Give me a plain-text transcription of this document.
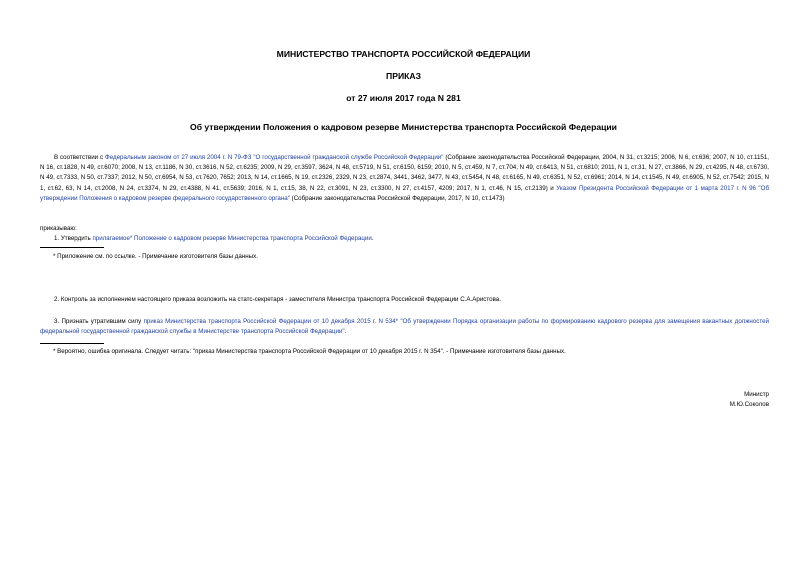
МИНИСТЕРСТВО ТРАНСПОРТА РОССИЙСКОЙ ФЕДЕРАЦИИ
ПРИКАЗ
от 27 июля 2017 года N 281
Об утверждении Положения о кадровом резерве Министерства транспорта Российской Федерации
В соответствии с Федеральным законом от 27 июля 2004 г. N 79-ФЗ "О государственной гражданской службе Российской Федерации" (Собрание законодательства Российской Федерации, 2004, N 31, ст.3215; 2006, N 6, ст.636; 2007, N 10, ст.1151, N 16, ст.1828, N 49, ст.6070; 2008, N 13, ст.1186, N 30, ст.3616, N 52, ст.6235; 2009, N 29, ст.3597, 3624, N 48, ст.5719, N 51, ст.6150, 6159; 2010, N 5, ст.459, N 7, ст.704, N 49, ст.6413, N 51, ст.6810; 2011, N 1, ст.31, N 27, ст.3866, N 29, ст.4295, N 48, ст.6730, N 49, ст.7333, N 50, ст.7337; 2012, N 50, ст.6954, N 53, ст.7620, 7652; 2013, N 14, ст.1665, N 19, ст.2326, 2329, N 23, ст.2874, 3441, 3462, 3477, N 43, ст.5454, N 48, ст.6165, N 49, ст.6351, N 52, ст.6961; 2014, N 14, ст.1545, N 49, ст.6905, N 52, ст.7542; 2015, N 1, ст.62, 63, N 14, ст.2008, N 24, ст.3374, N 29, ст.4388, N 41, ст.5639; 2016, N 1, ст.15, 38, N 22, ст.3091, N 23, ст.3300, N 27, ст.4157, 4209; 2017, N 1, ст.46, N 15, ст.2139) и Указом Президента Российской Федерации от 1 марта 2017 г. N 96 "Об утверждении Положения о кадровом резерве федерального государственного органа" (Собрание законодательства Российской Федерации, 2017, N 10, ст.1473)
приказываю:
1. Утвердить прилагаемое* Положение о кадровом резерве Министерства транспорта Российской Федерации.
* Приложение см. по ссылке. - Примечание изготовителя базы данных.
2. Контроль за исполнением настоящего приказа возложить на статс-секретаря - заместителя Министра транспорта Российской Федерации С.А.Аристова.
3. Признать утратившим силу приказ Министерства транспорта Российской Федерации от 10 декабря 2015 г. N 534* "Об утверждении Порядка организации работы по формированию кадрового резерва для замещения вакантных должностей федеральной государственной гражданской службы в Министерстве транспорта Российской Федерации".
* Вероятно, ошибка оригинала. Следует читать: "приказ Министерства транспорта Российской Федерации от 10 декабря 2015 г. N 354". - Примечание изготовителя базы данных.
Министр
М.Ю.Соколов
